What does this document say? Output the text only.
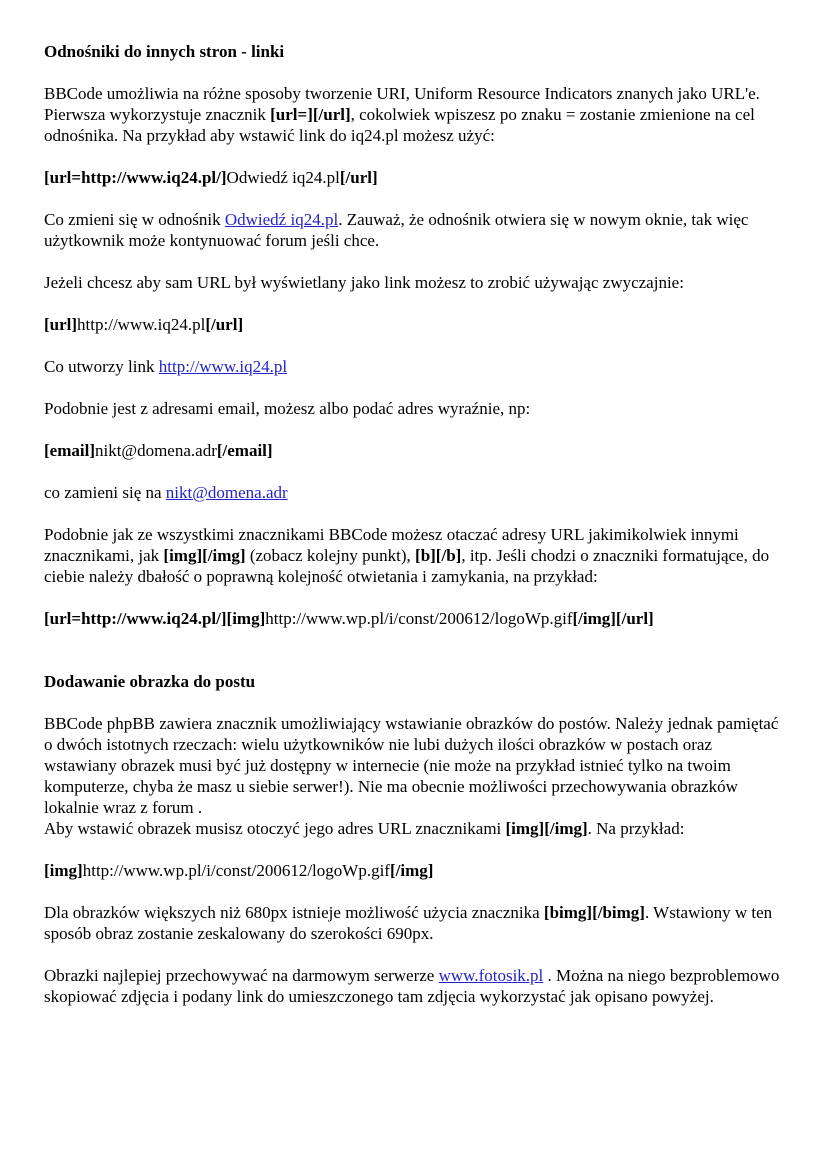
Odnośniki do innych stron - linki

BBCode umożliwia na różne sposoby tworzenie URI, Uniform Resource Indicators znanych jako URL'e. Pierwsza wykorzystuje znacznik [url=][/url], cokolwiek wpiszesz po znaku = zostanie zmienione na cel odnośnika. Na przykład aby wstawić link do iq24.pl możesz użyć:

[url=http://www.iq24.pl/]Odwiedź iq24.pl[/url]

Co zmieni się w odnośnik Odwiedź iq24.pl. Zauważ, że odnośnik otwiera się w nowym oknie, tak więc użytkownik może kontynuować forum jeśli chce.

Jeżeli chcesz aby sam URL był wyświetlany jako link możesz to zrobić używając zwyczajnie:

[url]http://www.iq24.pl[/url]

Co utworzy link http://www.iq24.pl

Podobnie jest z adresami email, możesz albo podać adres wyraźnie, np:

[email]nikt@domena.adr[/email]

co zamieni się na nikt@domena.adr

Podobnie jak ze wszystkimi znacznikami BBCode możesz otaczać adresy URL jakimikolwiek innymi znacznikami, jak [img][/img] (zobacz kolejny punkt), [b][/b], itp. Jeśli chodzi o znaczniki formatujące, do ciebie należy dbałość o poprawną kolejność otwietania i zamykania, na przykład:

[url=http://www.iq24.pl/][img]http://www.wp.pl/i/const/200612/logoWp.gif[/img][/url]

Dodawanie obrazka do postu

BBCode phpBB zawiera znacznik umożliwiający wstawianie obrazków do postów. Należy jednak pamiętać o dwóch istotnych rzeczach: wielu użytkowników nie lubi dużych ilości obrazków w postach oraz wstawiany obrazek musi być już dostępny w internecie (nie może na przykład istnieć tylko na twoim komputerze, chyba że masz u siebie serwer!). Nie ma obecnie możliwości przechowywania obrazków lokalnie wraz z forum .
Aby wstawić obrazek musisz otoczyć jego adres URL znacznikami [img][/img]. Na przykład:

[img]http://www.wp.pl/i/const/200612/logoWp.gif[/img]

Dla obrazków większych niż 680px istnieje możliwość użycia znacznika [bimg][/bimg]. Wstawiony w ten sposób obraz zostanie zeskalowany do szerokości 690px.

Obrazki najlepiej przechowywać na darmowym serwerze www.fotosik.pl . Można na niego bezproblemowo skopiować zdjęcia i podany link do umieszczonego tam zdjęcia wykorzystać jak opisano powyżej.
